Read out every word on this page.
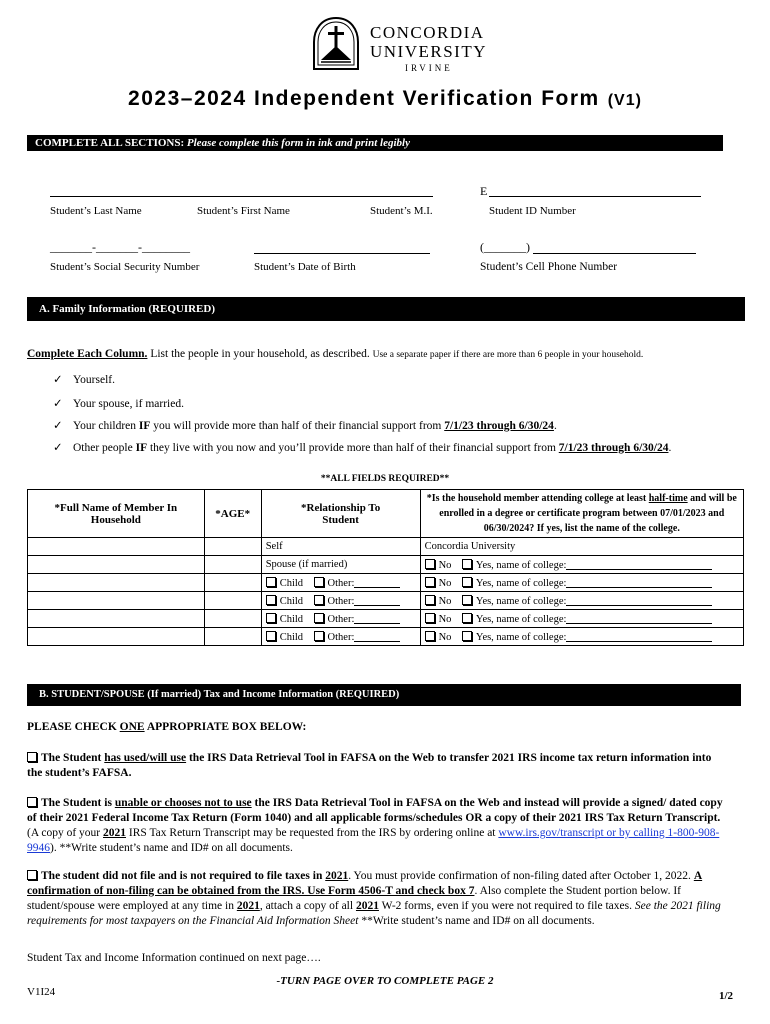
CONCORDIA
UNIVERSITY
IRVINE
2023–2024 Independent Verification Form (V1)
COMPLETE ALL SECTIONS: Please complete this form in ink and print legibly
Student’s Last Name	Student’s First Name	Student’s M.I.
E
Student ID Number
_______-_______-________
Student’s Social Security Number	Student’s Date of Birth
(_______)
Student’s Cell Phone Number
A. Family Information (REQUIRED)
Complete Each Column. List the people in your household, as described. Use a separate paper if there are more than 6 people in your household.
✓ Yourself.
✓ Your spouse, if married.
✓ Your children IF you will provide more than half of their financial support from 7/1/23 through 6/30/24.
✓ Other people IF they live with you now and you’ll provide more than half of their financial support from 7/1/23 through 6/30/24.
**ALL FIELDS REQUIRED**
*Full Name of Member In Household	*AGE*	*Relationship To Student	*Is the household member attending college at least half-time and will be enrolled in a degree or certificate program between 07/01/2023 and 06/30/2024? If yes, list the name of the college.
		Self	Concordia University
		Spouse (if married)	No Yes, name of college:
		Child Other:	No Yes, name of college:
		Child Other:	No Yes, name of college:
		Child Other:	No Yes, name of college:
		Child Other:	No Yes, name of college:
B. STUDENT/SPOUSE (If married) Tax and Income Information (REQUIRED)
PLEASE CHECK ONE APPROPRIATE BOX BELOW:
The Student has used/will use the IRS Data Retrieval Tool in FAFSA on the Web to transfer 2021 IRS income tax return information into the student’s FAFSA.
The Student is unable or chooses not to use the IRS Data Retrieval Tool in FAFSA on the Web and instead will provide a signed/ dated copy of their 2021 Federal Income Tax Return (Form 1040) and all applicable forms/schedules OR a copy of their 2021 IRS Tax Return Transcript. (A copy of your 2021 IRS Tax Return Transcript may be requested from the IRS by ordering online at www.irs.gov/transcript or by calling 1-800-908-9946). **Write student’s name and ID# on all documents.
The student did not file and is not required to file taxes in 2021. You must provide confirmation of non-filing dated after October 1, 2022. A confirmation of non-filing can be obtained from the IRS. Use Form 4506-T and check box 7. Also complete the Student portion below. If student/spouse were employed at any time in 2021, attach a copy of all 2021 W-2 forms, even if you were not required to file taxes. See the 2021 filing requirements for most taxpayers on the Financial Aid Information Sheet **Write student’s name and ID# on all documents.
Student Tax and Income Information continued on next page….
V1I24
-TURN PAGE OVER TO COMPLETE PAGE 2
1/2
